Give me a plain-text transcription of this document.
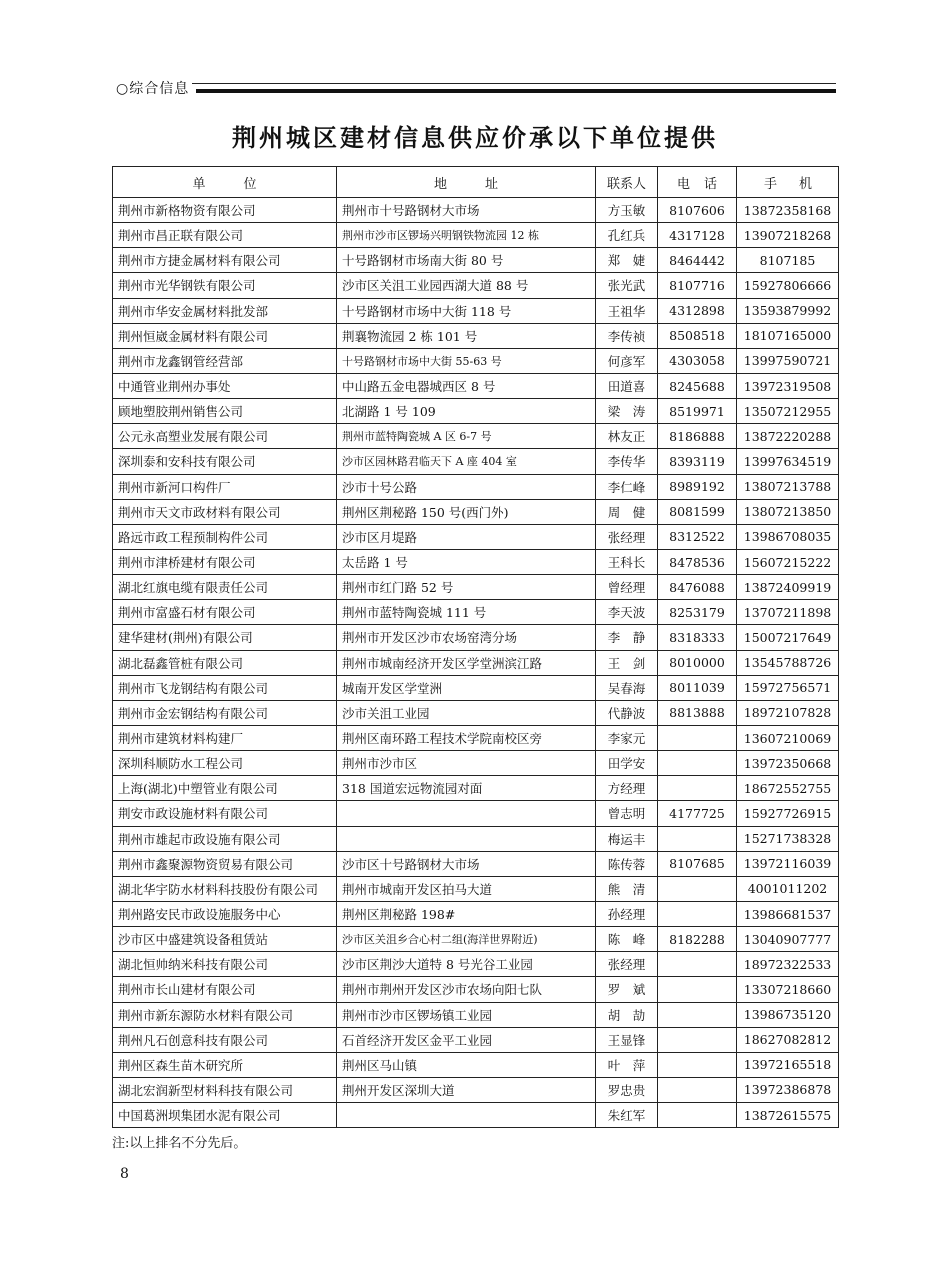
○综合信息
荆州城区建材信息供应价承以下单位提供
单位	地址	联系人	电话	手机
荆州市新格物资有限公司	荆州市十号路钢材大市场	方玉敏	8107606	13872358168
荆州市昌正联有限公司	荆州市沙市区锣场兴明钢铁物流园 12 栋	孔红兵	4317128	13907218268
荆州市方捷金属材料有限公司	十号路钢材市场南大街 80 号	郑　婕	8464442	8107185
荆州市光华钢铁有限公司	沙市区关沮工业园西湖大道 88 号	张光武	8107716	15927806666
荆州市华安金属材料批发部	十号路钢材市场中大街 118 号	王祖华	4312898	13593879992
荆州恒崴金属材料有限公司	荆襄物流园 2 栋 101 号	李传祯	8508518	18107165000
荆州市龙鑫钢管经营部	十号路钢材市场中大街 55-63 号	何彦军	4303058	13997590721
中通管业荆州办事处	中山路五金电器城西区 8 号	田道喜	8245688	13972319508
顾地塑胶荆州销售公司	北湖路 1 号 109	梁　涛	8519971	13507212955
公元永高塑业发展有限公司	荆州市蓝特陶瓷城 A 区 6-7 号	林友正	8186888	13872220288
深圳泰和安科技有限公司	沙市区园林路君临天下 A 座 404 室	李传华	8393119	13997634519
荆州市新河口构件厂	沙市十号公路	李仁峰	8989192	13807213788
荆州市天文市政材料有限公司	荆州区荆秘路 150 号(西门外)	周　健	8081599	13807213850
路远市政工程预制构件公司	沙市区月堤路	张经理	8312522	13986708035
荆州市津桥建材有限公司	太岳路 1 号	王科长	8478536	15607215222
湖北红旗电缆有限责任公司	荆州市红门路 52 号	曾经理	8476088	13872409919
荆州市富盛石材有限公司	荆州市蓝特陶瓷城 111 号	李天波	8253179	13707211898
建华建材(荆州)有限公司	荆州市开发区沙市农场窑湾分场	李　静	8318333	15007217649
湖北磊鑫管桩有限公司	荆州市城南经济开发区学堂洲滨江路	王　剑	8010000	13545788726
荆州市飞龙钢结构有限公司	城南开发区学堂洲	吴春海	8011039	15972756571
荆州市金宏钢结构有限公司	沙市关沮工业园	代静波	8813888	18972107828
荆州市建筑材料构建厂	荆州区南环路工程技术学院南校区旁	李家元		13607210069
深圳科顺防水工程公司	荆州市沙市区	田学安		13972350668
上海(湖北)中塑管业有限公司	318 国道宏远物流园对面	方经理		18672552755
荆安市政设施材料有限公司		曾志明	4177725	15927726915
荆州市雄起市政设施有限公司		梅运丰		15271738328
荆州市鑫聚源物资贸易有限公司	沙市区十号路钢材大市场	陈传蓉	8107685	13972116039
湖北华宇防水材料科技股份有限公司	荆州市城南开发区拍马大道	熊　清		4001011202
荆州路安民市政设施服务中心	荆州区荆秘路 198#	孙经理		13986681537
沙市区中盛建筑设备租赁站	沙市区关沮乡合心村二组(海洋世界附近)	陈　峰	8182288	13040907777
湖北恒帅纳米科技有限公司	沙市区荆沙大道特 8 号光谷工业园	张经理		18972322533
荆州市长山建材有限公司	荆州市荆州开发区沙市农场向阳七队	罗　斌		13307218660
荆州市新东源防水材料有限公司	荆州市沙市区锣场镇工业园	胡　劼		13986735120
荆州凡石创意科技有限公司	石首经济开发区金平工业园	王显锋		18627082812
荆州区森生苗木研究所	荆州区马山镇	叶　萍		13972165518
湖北宏润新型材料科技有限公司	荆州开发区深圳大道	罗忠贵		13972386878
中国葛洲坝集团水泥有限公司		朱红军		13872615575
注:以上排名不分先后。
8
